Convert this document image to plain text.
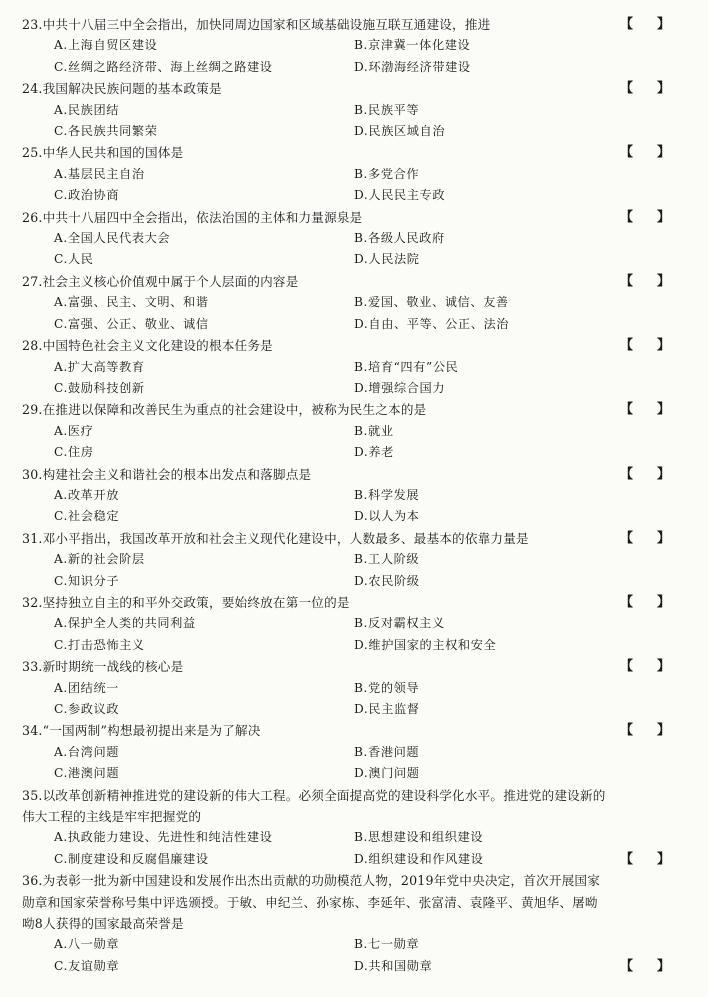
23.中共十八届三中全会指出，加快同周边国家和区域基础设施互联互通建设，推进	【 】
A.上海自贸区建设	B.京津冀一体化建设
C.丝绸之路经济带、海上丝绸之路建设	D.环渤海经济带建设
24.我国解决民族问题的基本政策是	【 】
A.民族团结	B.民族平等
C.各民族共同繁荣	D.民族区域自治
25.中华人民共和国的国体是	【 】
A.基层民主自治	B.多党合作
C.政治协商	D.人民民主专政
26.中共十八届四中全会指出，依法治国的主体和力量源泉是	【 】
A.全国人民代表大会	B.各级人民政府
C.人民	D.人民法院
27.社会主义核心价值观中属于个人层面的内容是	【 】
A.富强、民主、文明、和谐	B.爱国、敬业、诚信、友善
C.富强、公正、敬业、诚信	D.自由、平等、公正、法治
28.中国特色社会主义文化建设的根本任务是	【 】
A.扩大高等教育	B.培育“四有”公民
C.鼓励科技创新	D.增强综合国力
29.在推进以保障和改善民生为重点的社会建设中，被称为民生之本的是	【 】
A.医疗	B.就业
C.住房	D.养老
30.构建社会主义和谐社会的根本出发点和落脚点是	【 】
A.改革开放	B.科学发展
C.社会稳定	D.以人为本
31.邓小平指出，我国改革开放和社会主义现代化建设中，人数最多、最基本的依靠力量是	【 】
A.新的社会阶层	B.工人阶级
C.知识分子	D.农民阶级
32.坚持独立自主的和平外交政策，要始终放在第一位的是	【 】
A.保护全人类的共同利益	B.反对霸权主义
C.打击恐怖主义	D.维护国家的主权和安全
33.新时期统一战线的核心是	【 】
A.团结统一	B.党的领导
C.参政议政	D.民主监督
34.“一国两制”构想最初提出来是为了解决	【 】
A.台湾问题	B.香港问题
C.港澳问题	D.澳门问题
35.以改革创新精神推进党的建设新的伟大工程。必须全面提高党的建设科学化水平。推进党的建设新的伟大工程的主线是牢牢把握党的
【 】
A.执政能力建设、先进性和纯洁性建设	B.思想建设和组织建设
C.制度建设和反腐倡廉建设	D.组织建设和作风建设
36.为表彰一批为新中国建设和发展作出杰出贡献的功勋模范人物，2019年党中央决定，首次开展国家勋章和国家荣誉称号集中评选颁授。于敏、申纪兰、孙家栋、李延年、张富清、袁隆平、黄旭华、屠呦呦8人获得的国家最高荣誉是
【 】
A.八一勋章	B.七一勋章
C.友谊勋章	D.共和国勋章
